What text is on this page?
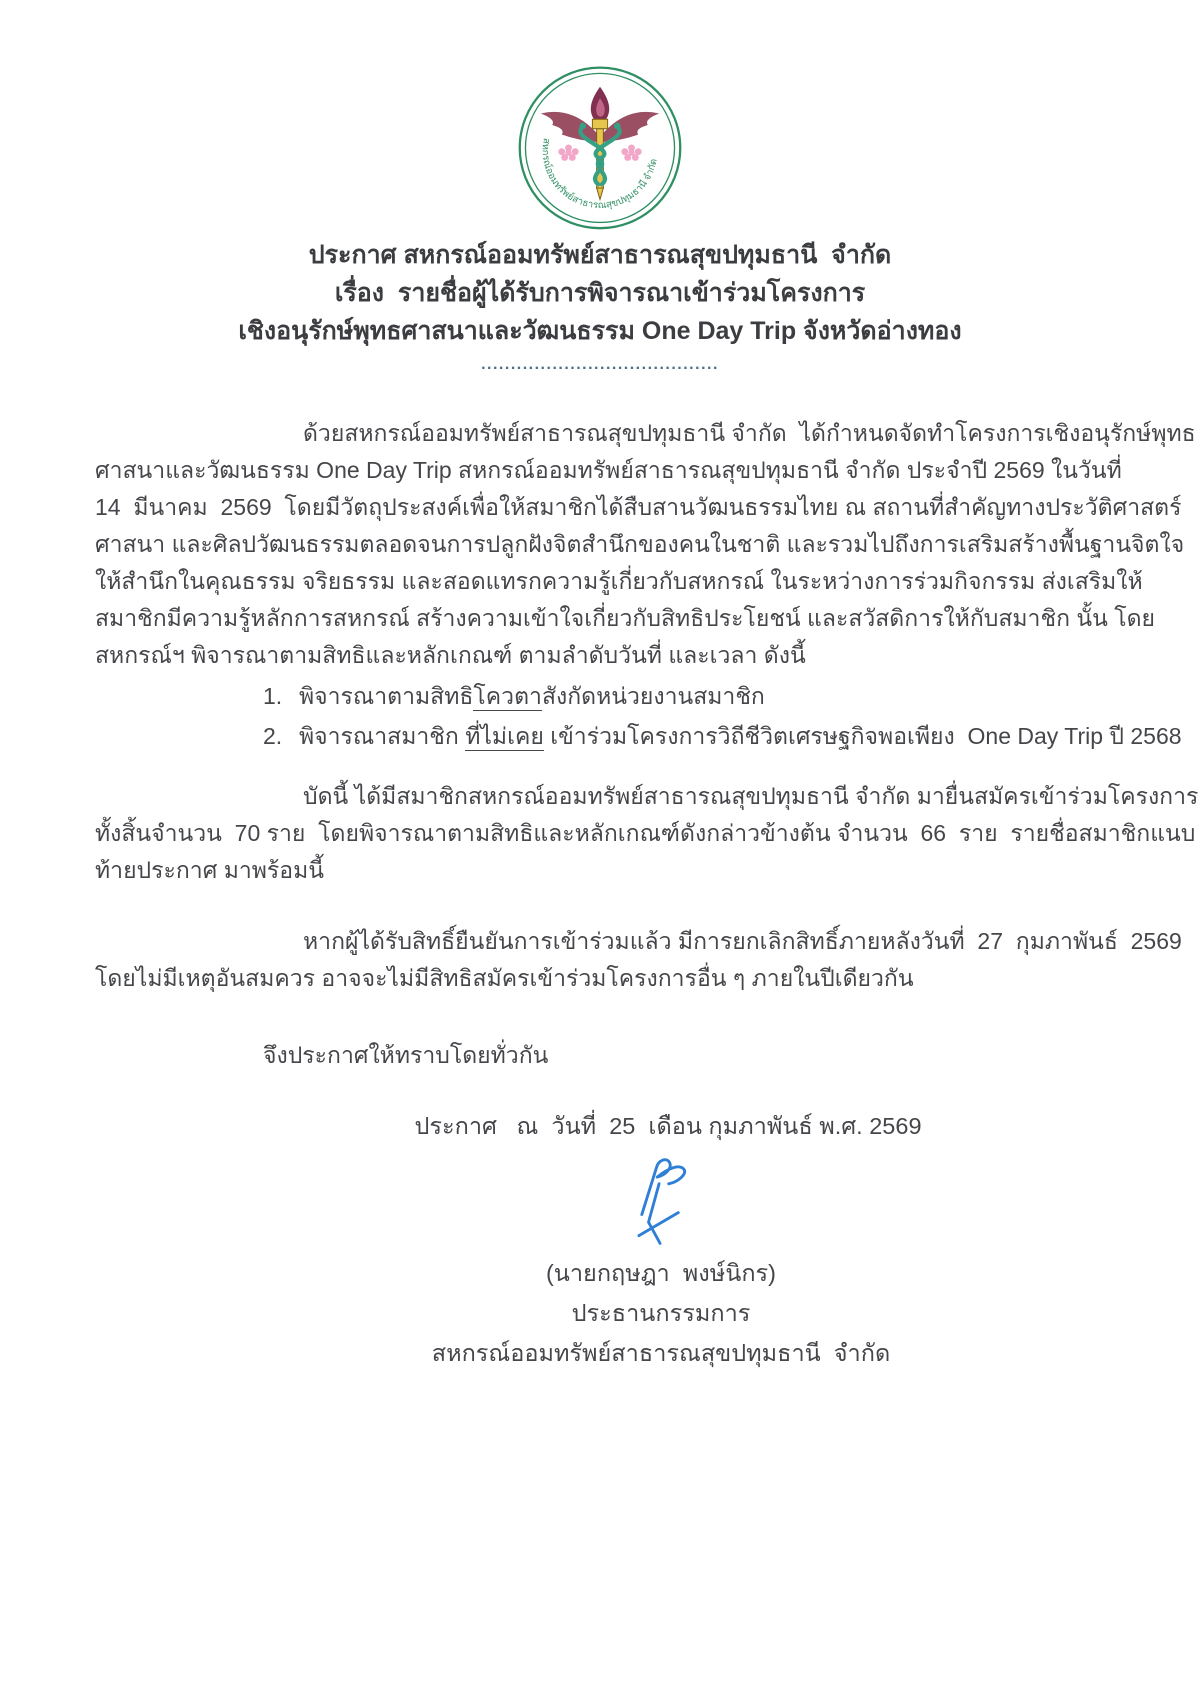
สหกรณ์ออมทรัพย์สาธารณสุขปทุมธานี จำกัด
ประกาศ สหกรณ์ออมทรัพย์สาธารณสุขปทุมธานี  จำกัด
เรื่อง  รายชื่อผู้ได้รับการพิจารณาเข้าร่วมโครงการ
เชิงอนุรักษ์พุทธศาสนาและวัฒนธรรม One Day Trip จังหวัดอ่างทอง
........................................
ด้วยสหกรณ์ออมทรัพย์สาธารณสุขปทุมธานี จำกัด  ได้กำหนดจัดทำโครงการเชิงอนุรักษ์พุทธ
ศาสนาและวัฒนธรรม One Day Trip สหกรณ์ออมทรัพย์สาธารณสุขปทุมธานี จำกัด ประจำปี 2569 ในวันที่
14  มีนาคม  2569  โดยมีวัตถุประสงค์เพื่อให้สมาชิกได้สืบสานวัฒนธรรมไทย ณ สถานที่สำคัญทางประวัติศาสตร์
ศาสนา และศิลปวัฒนธรรมตลอดจนการปลูกฝังจิตสำนึกของคนในชาติ และรวมไปถึงการเสริมสร้างพื้นฐานจิตใจ
ให้สำนึกในคุณธรรม จริยธรรม และสอดแทรกความรู้เกี่ยวกับสหกรณ์ ในระหว่างการร่วมกิจกรรม ส่งเสริมให้
สมาชิกมีความรู้หลักการสหกรณ์ สร้างความเข้าใจเกี่ยวกับสิทธิประโยชน์ และสวัสดิการให้กับสมาชิก นั้น โดย
สหกรณ์ฯ พิจารณาตามสิทธิและหลักเกณฑ์ ตามลำดับวันที่ และเวลา ดังนี้
1. พิจารณาตามสิทธิโควตาสังกัดหน่วยงานสมาชิก
2. พิจารณาสมาชิก ที่ไม่เคย เข้าร่วมโครงการวิถีชีวิตเศรษฐกิจพอเพียง  One Day Trip ปี 2568
บัดนี้ ได้มีสมาชิกสหกรณ์ออมทรัพย์สาธารณสุขปทุมธานี จำกัด มายื่นสมัครเข้าร่วมโครงการ
ทั้งสิ้นจำนวน  70 ราย  โดยพิจารณาตามสิทธิและหลักเกณฑ์ดังกล่าวข้างต้น จำนวน  66  ราย  รายชื่อสมาชิกแนบ
ท้ายประกาศ มาพร้อมนี้
หากผู้ได้รับสิทธิ์ยืนยันการเข้าร่วมแล้ว มีการยกเลิกสิทธิ์ภายหลังวันที่  27  กุมภาพันธ์  2569
โดยไม่มีเหตุอันสมควร อาจจะไม่มีสิทธิสมัครเข้าร่วมโครงการอื่น ๆ ภายในปีเดียวกัน
จึงประกาศให้ทราบโดยทั่วกัน
ประกาศ   ณ  วันที่  25  เดือน กุมภาพันธ์ พ.ศ. 2569
(นายกฤษฎา  พงษ์นิกร)
ประธานกรรมการ
สหกรณ์ออมทรัพย์สาธารณสุขปทุมธานี  จำกัด
